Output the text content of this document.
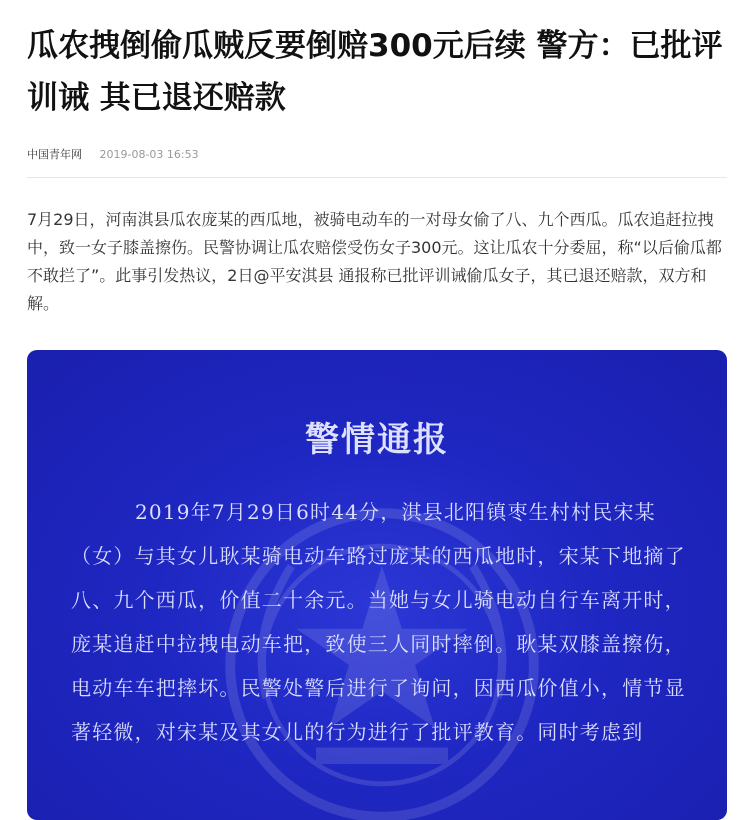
瓜农拽倒偷瓜贼反要倒赔300元后续 警方：已批评训诫 其已退还赔款
中国青年网 2019-08-03 16:53

7月29日，河南淇县瓜农庞某的西瓜地，被骑电动车的一对母女偷了八、九个西瓜。瓜农追赶拉拽中，致一女子膝盖擦伤。民警协调让瓜农赔偿受伤女子300元。这让瓜农十分委屈，称“以后偷瓜都不敢拦了”。此事引发热议，2日@平安淇县 通报称已批评训诫偷瓜女子，其已退还赔款，双方和解。

警情通报

2019年7月29日6时44分，淇县北阳镇枣生村村民宋某（女）与其女儿耿某骑电动车路过庞某的西瓜地时，宋某下地摘了八、九个西瓜，价值二十余元。当她与女儿骑电动自行车离开时，庞某追赶中拉拽电动车把，致使三人同时摔倒。耿某双膝盖擦伤，电动车车把摔坏。民警处警后进行了询问，因西瓜价值小，情节显著轻微，对宋某及其女儿的行为进行了批评教育。同时考虑到
